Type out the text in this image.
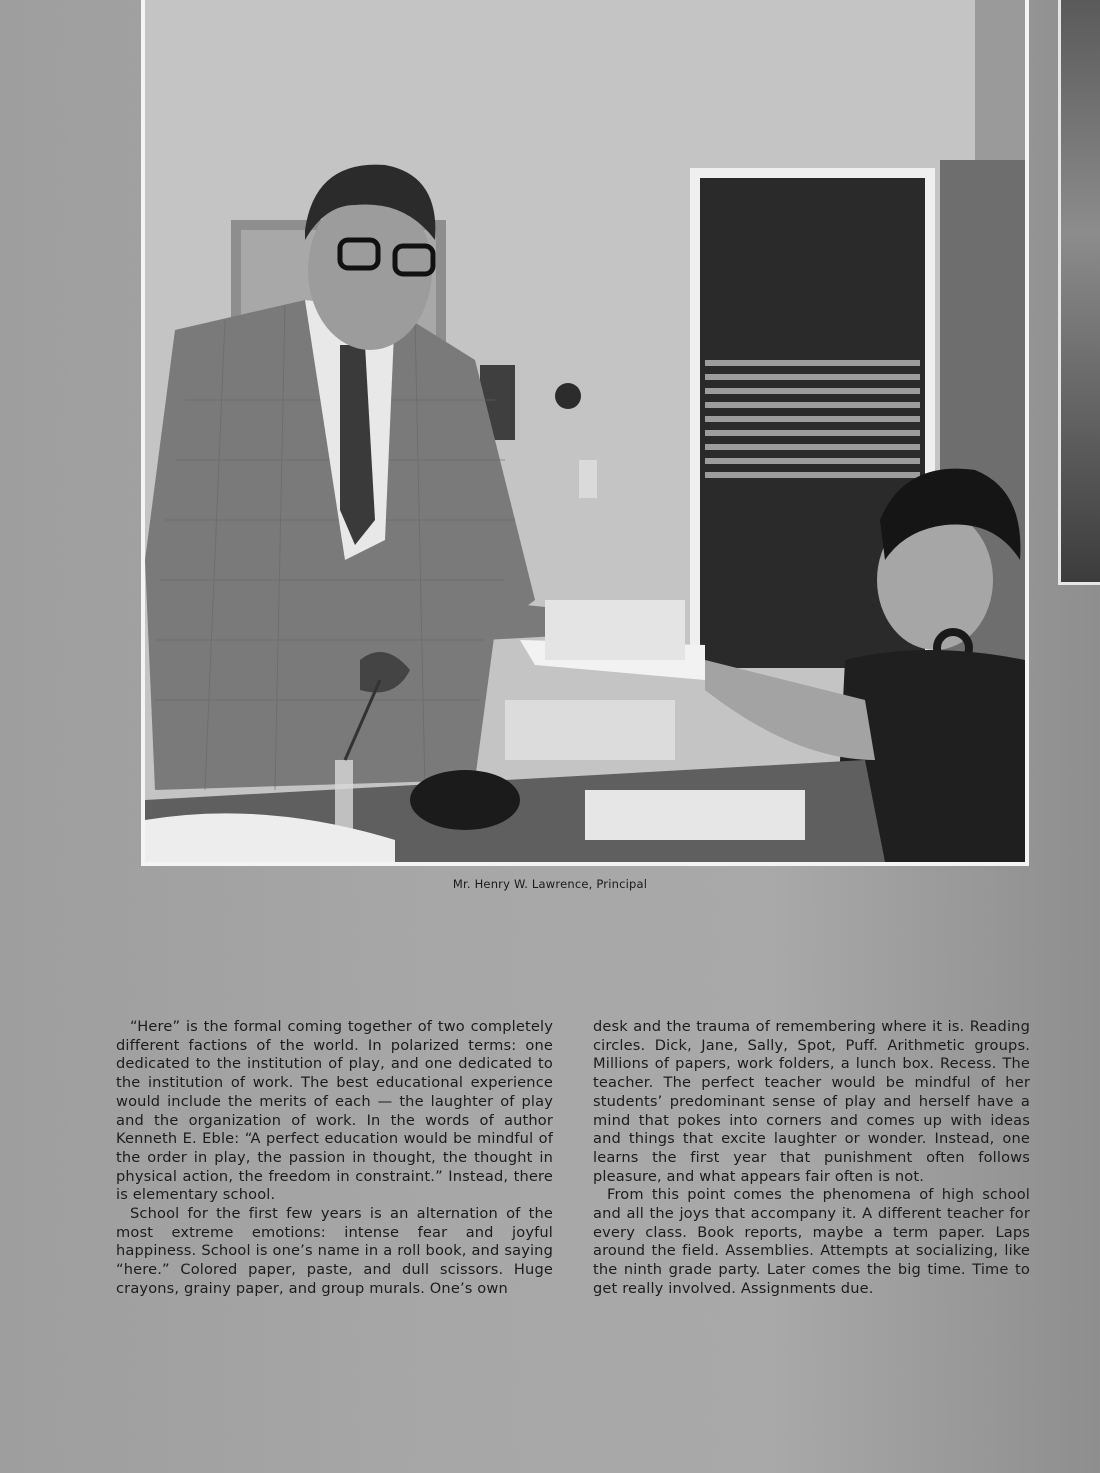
Mr. Henry W. Lawrence, Principal

“Here” is the formal coming together of two completely different factions of the world. In polarized terms: one dedicated to the institution of play, and one dedicated to the institution of work. The best educational experience would include the merits of each — the laughter of play and the organization of work. In the words of author Kenneth E. Eble: “A perfect education would be mindful of the order in play, the passion in thought, the thought in physical action, the freedom in constraint.” Instead, there is elementary school.

School for the first few years is an alternation of the most extreme emotions: intense fear and joyful happiness. School is one’s name in a roll book, and saying “here.” Colored paper, paste, and dull scissors. Huge crayons, grainy paper, and group murals. One’s own

desk and the trauma of remembering where it is. Reading circles. Dick, Jane, Sally, Spot, Puff. Arithmetic groups. Millions of papers, work folders, a lunch box. Recess. The teacher. The perfect teacher would be mindful of her students’ predominant sense of play and herself have a mind that pokes into corners and comes up with ideas and things that excite laughter or wonder. Instead, one learns the first year that punishment often follows pleasure, and what appears fair often is not.

From this point comes the phenomena of high school and all the joys that accompany it. A different teacher for every class. Book reports, maybe a term paper. Laps around the field. Assemblies. Attempts at socializing, like the ninth grade party. Later comes the big time. Time to get really involved. Assignments due.
